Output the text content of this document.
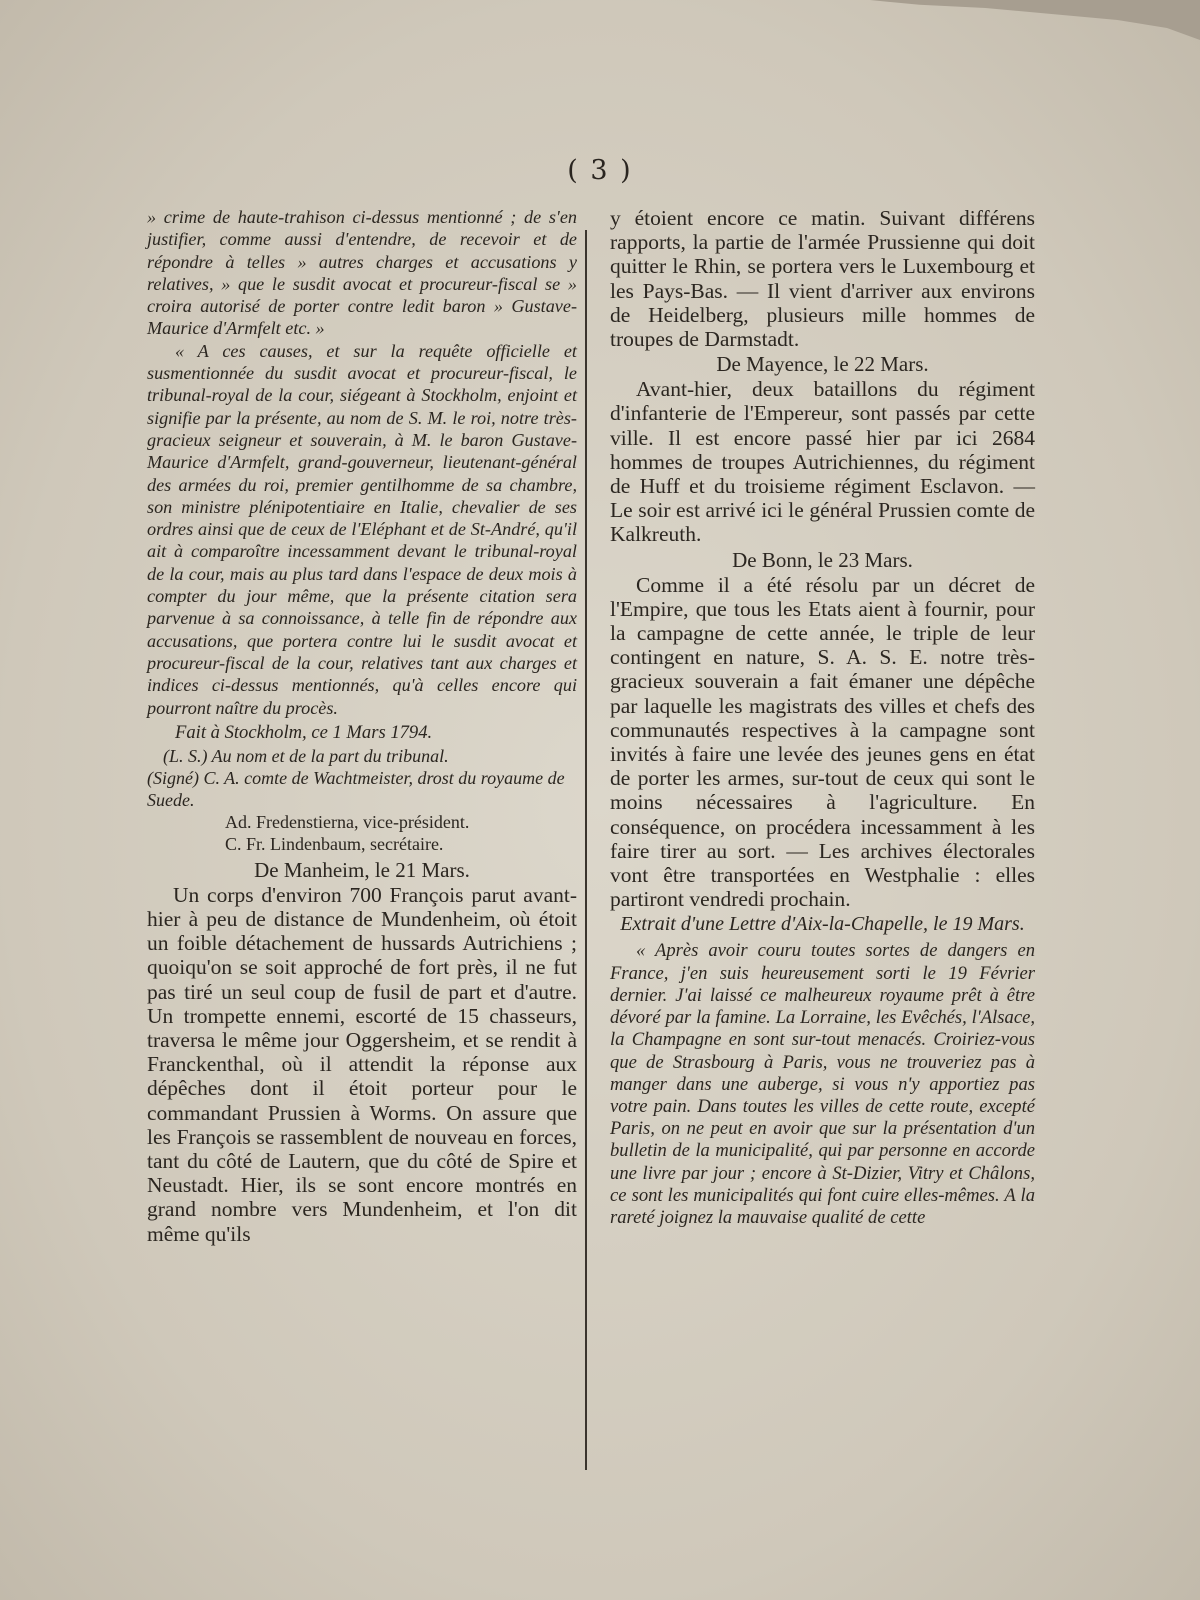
( 3 )

» crime de haute-trahison ci-dessus mentionné ; de s'en justifier, comme aussi d'entendre, de recevoir et de répondre à telles » autres charges et accusations y relatives, » que le susdit avocat et procureur-fiscal se » croira autorisé de porter contre ledit baron » Gustave-Maurice d'Armfelt etc. »

« A ces causes, et sur la requête officielle et susmentionnée du susdit avocat et procureur-fiscal, le tribunal-royal de la cour, siégeant à Stockholm, enjoint et signifie par la présente, au nom de S. M. le roi, notre très-gracieux seigneur et souverain, à M. le baron Gustave-Maurice d'Armfelt, grand-gouverneur, lieutenant-général des armées du roi, premier gentilhomme de sa chambre, son ministre plénipotentiaire en Italie, chevalier de ses ordres ainsi que de ceux de l'Eléphant et de St-André, qu'il ait à comparoître incessamment devant le tribunal-royal de la cour, mais au plus tard dans l'espace de deux mois à compter du jour même, que la présente citation sera parvenue à sa connoissance, à telle fin de répondre aux accusations, que portera contre lui le susdit avocat et procureur-fiscal de la cour, relatives tant aux charges et indices ci-dessus mentionnés, qu'à celles encore qui pourront naître du procès.

Fait à Stockholm, ce 1 Mars 1794.

(L. S.) Au nom et de la part du tribunal.
(Signé) C. A. comte de Wachtmeister, drost du royaume de Suede.
Ad. Fredenstierna, vice-président.
C. Fr. Lindenbaum, secrétaire.

De Manheim, le 21 Mars.

Un corps d'environ 700 François parut avant-hier à peu de distance de Mundenheim, où étoit un foible détachement de hussards Autrichiens ; quoiqu'on se soit approché de fort près, il ne fut pas tiré un seul coup de fusil de part et d'autre. Un trompette ennemi, escorté de 15 chasseurs, traversa le même jour Oggersheim, et se rendit à Franckenthal, où il attendit la réponse aux dépêches dont il étoit porteur pour le commandant Prussien à Worms. On assure que les François se rassemblent de nouveau en forces, tant du côté de Lautern, que du côté de Spire et Neustadt. Hier, ils se sont encore montrés en grand nombre vers Mundenheim, et l'on dit même qu'ils

y étoient encore ce matin. Suivant différens rapports, la partie de l'armée Prussienne qui doit quitter le Rhin, se portera vers le Luxembourg et les Pays-Bas. — Il vient d'arriver aux environs de Heidelberg, plusieurs mille hommes de troupes de Darmstadt.

De Mayence, le 22 Mars.

Avant-hier, deux bataillons du régiment d'infanterie de l'Empereur, sont passés par cette ville. Il est encore passé hier par ici 2684 hommes de troupes Autrichiennes, du régiment de Huff et du troisieme régiment Esclavon. — Le soir est arrivé ici le général Prussien comte de Kalkreuth.

De Bonn, le 23 Mars.

Comme il a été résolu par un décret de l'Empire, que tous les Etats aient à fournir, pour la campagne de cette année, le triple de leur contingent en nature, S. A. S. E. notre très-gracieux souverain a fait émaner une dépêche par laquelle les magistrats des villes et chefs des communautés respectives à la campagne sont invités à faire une levée des jeunes gens en état de porter les armes, sur-tout de ceux qui sont le moins nécessaires à l'agriculture. En conséquence, on procédera incessamment à les faire tirer au sort. — Les archives électorales vont être transportées en Westphalie : elles partiront vendredi prochain.

Extrait d'une Lettre d'Aix-la-Chapelle, le 19 Mars.

« Après avoir couru toutes sortes de dangers en France, j'en suis heureusement sorti le 19 Février dernier. J'ai laissé ce malheureux royaume prêt à être dévoré par la famine. La Lorraine, les Evêchés, l'Alsace, la Champagne en sont sur-tout menacés. Croiriez-vous que de Strasbourg à Paris, vous ne trouveriez pas à manger dans une auberge, si vous n'y apportiez pas votre pain. Dans toutes les villes de cette route, excepté Paris, on ne peut en avoir que sur la présentation d'un bulletin de la municipalité, qui par personne en accorde une livre par jour ; encore à St-Dizier, Vitry et Châlons, ce sont les municipalités qui font cuire elles-mêmes. A la rareté joignez la mauvaise qualité de cette
